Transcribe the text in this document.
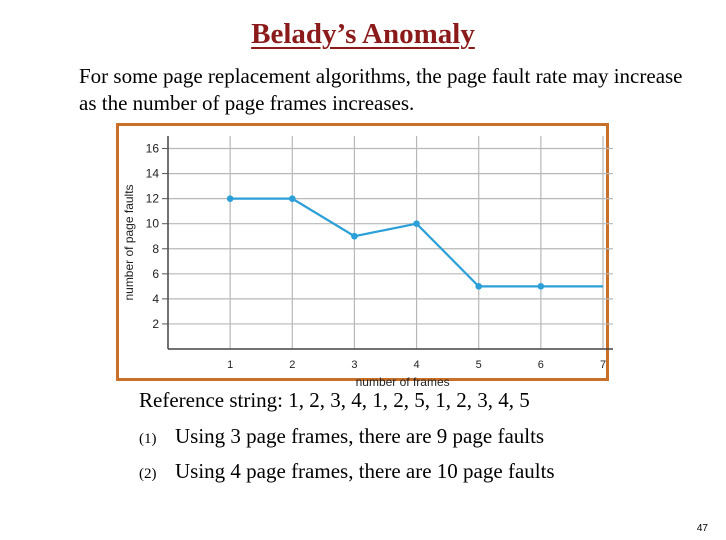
Belady’s Anomaly
For some page replacement algorithms, the page fault rate may increase as the number of page frames increases.
2
4
6
8
10
12
14
16
1	2	3	4	5	6	7
number of page faults
number of frames
Reference string: 1, 2, 3, 4, 1, 2, 5, 1, 2, 3, 4, 5
(1) Using 3 page frames, there are 9 page faults
(2) Using 4 page frames, there are 10 page faults
47
